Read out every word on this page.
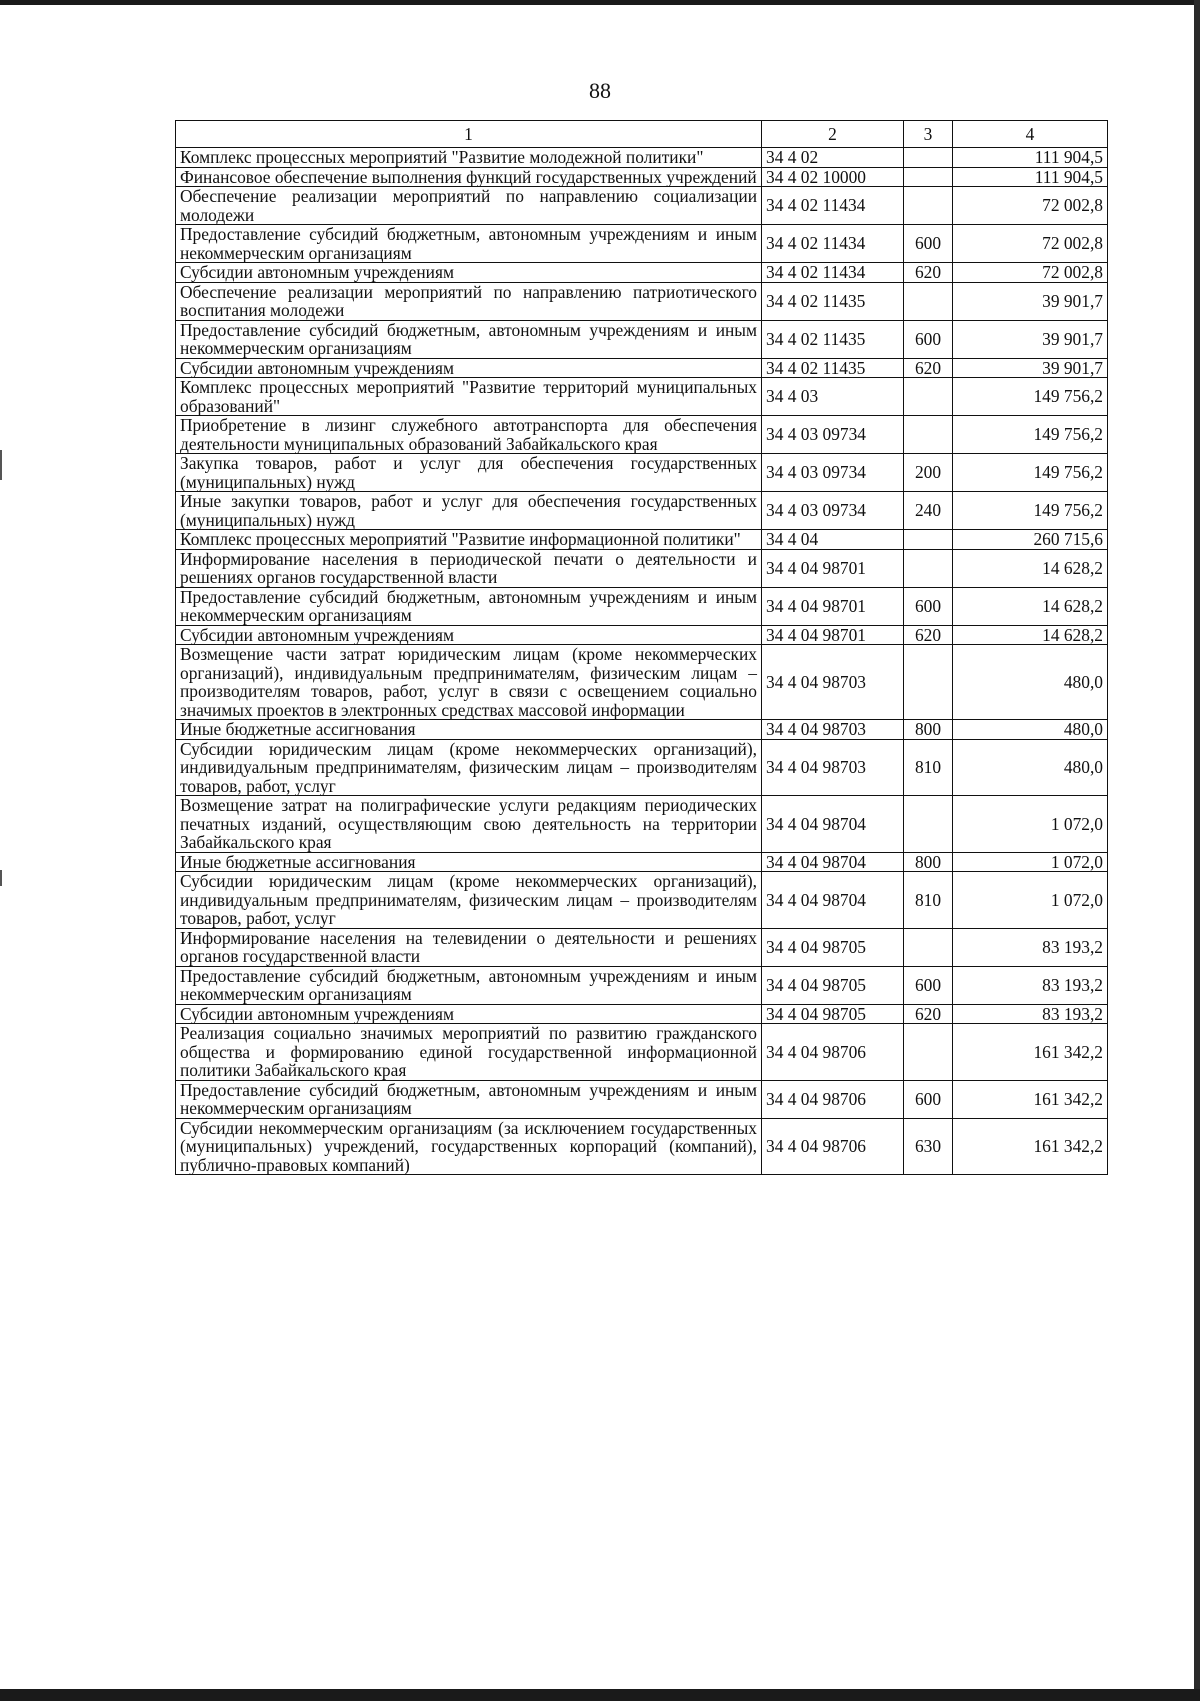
88
1	2	3	4
Комплекс процессных мероприятий "Развитие молодежной политики"	34 4 02		111 904,5
Финансовое обеспечение выполнения функций государственных учреждений	34 4 02 10000		111 904,5
Обеспечение реализации мероприятий по направлению социализации молодежи	34 4 02 11434		72 002,8
Предоставление субсидий бюджетным, автономным учреждениям и иным некоммерческим организациям	34 4 02 11434	600	72 002,8
Субсидии автономным учреждениям	34 4 02 11434	620	72 002,8
Обеспечение реализации мероприятий по направлению патриотического воспитания молодежи	34 4 02 11435		39 901,7
Предоставление субсидий бюджетным, автономным учреждениям и иным некоммерческим организациям	34 4 02 11435	600	39 901,7
Субсидии автономным учреждениям	34 4 02 11435	620	39 901,7
Комплекс процессных мероприятий "Развитие территорий муниципальных образований"	34 4 03		149 756,2
Приобретение в лизинг служебного автотранспорта для обеспечения деятельности муниципальных образований Забайкальского края	34 4 03 09734		149 756,2
Закупка товаров, работ и услуг для обеспечения государственных (муниципальных) нужд	34 4 03 09734	200	149 756,2
Иные закупки товаров, работ и услуг для обеспечения государственных (муниципальных) нужд	34 4 03 09734	240	149 756,2
Комплекс процессных мероприятий "Развитие информационной политики"	34 4 04		260 715,6
Информирование населения в периодической печати о деятельности и решениях органов государственной власти	34 4 04 98701		14 628,2
Предоставление субсидий бюджетным, автономным учреждениям и иным некоммерческим организациям	34 4 04 98701	600	14 628,2
Субсидии автономным учреждениям	34 4 04 98701	620	14 628,2
Возмещение части затрат юридическим лицам (кроме некоммерческих организаций), индивидуальным предпринимателям, физическим лицам – производителям товаров, работ, услуг в связи с освещением социально значимых проектов в электронных средствах массовой информации	34 4 04 98703		480,0
Иные бюджетные ассигнования	34 4 04 98703	800	480,0
Субсидии юридическим лицам (кроме некоммерческих организаций), индивидуальным предпринимателям, физическим лицам – производителям товаров, работ, услуг	34 4 04 98703	810	480,0
Возмещение затрат на полиграфические услуги редакциям периодических печатных изданий, осуществляющим свою деятельность на территории Забайкальского края	34 4 04 98704		1 072,0
Иные бюджетные ассигнования	34 4 04 98704	800	1 072,0
Субсидии юридическим лицам (кроме некоммерческих организаций), индивидуальным предпринимателям, физическим лицам – производителям товаров, работ, услуг	34 4 04 98704	810	1 072,0
Информирование населения на телевидении о деятельности и решениях органов государственной власти	34 4 04 98705		83 193,2
Предоставление субсидий бюджетным, автономным учреждениям и иным некоммерческим организациям	34 4 04 98705	600	83 193,2
Субсидии автономным учреждениям	34 4 04 98705	620	83 193,2
Реализация социально значимых мероприятий по развитию гражданского общества и формированию единой государственной информационной политики Забайкальского края	34 4 04 98706		161 342,2
Предоставление субсидий бюджетным, автономным учреждениям и иным некоммерческим организациям	34 4 04 98706	600	161 342,2
Субсидии некоммерческим организациям (за исключением государственных (муниципальных) учреждений, государственных корпораций (компаний), публично-правовых компаний)	34 4 04 98706	630	161 342,2
